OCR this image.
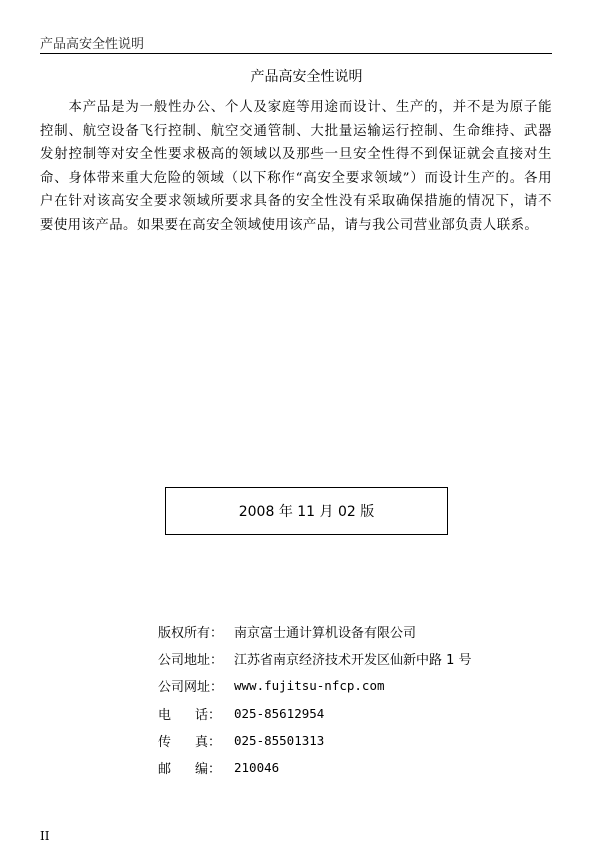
产品高安全性说明
产品高安全性说明
　　本产品是为一般性办公、个人及家庭等用途而设计、生产的，并不是为原子能控制、航空设备飞行控制、航空交通管制、大批量运输运行控制、生命维持、武器发射控制等对安全性要求极高的领域以及那些一旦安全性得不到保证就会直接对生命、身体带来重大危险的领域（以下称作“高安全要求领域”）而设计生产的。各用户在针对该高安全要求领域所要求具备的安全性没有采取确保措施的情况下，请不要使用该产品。如果要在高安全领域使用该产品，请与我公司营业部负责人联系。
2008 年 11 月 02 版
版权所有： 南京富士通计算机设备有限公司
公司地址： 江苏省南京经济技术开发区仙新中路 1 号
公司网址： www.fujitsu-nfcp.com
电 话： 025-85612954
传 真： 025-85501313
邮 编： 210046
II
